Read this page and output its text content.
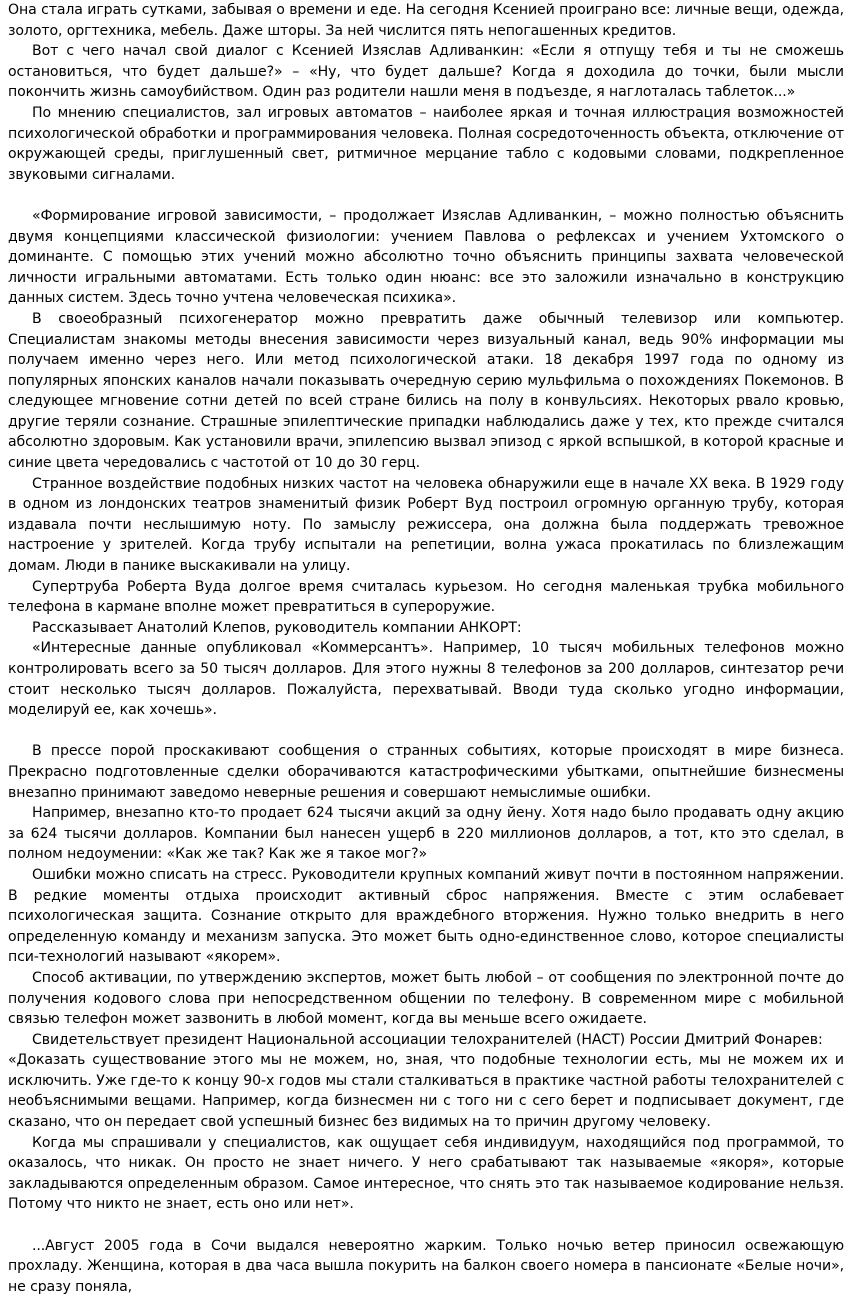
Она стала играть сутками, забывая о времени и еде. На сегодня Ксенией проиграно все: личные вещи, одежда, золото, оргтехника, мебель. Даже шторы. За ней числится пять непогашенных кредитов.

Вот с чего начал свой диалог с Ксенией Изяслав Адливанкин: «Если я отпущу тебя и ты не сможешь остановиться, что будет дальше?» – «Ну, что будет дальше? Когда я доходила до точки, были мысли покончить жизнь самоубийством. Один раз родители нашли меня в подъезде, я наглоталась таблеток...»

По мнению специалистов, зал игровых автоматов – наиболее яркая и точная иллюстрация возможностей психологической обработки и программирования человека. Полная сосредоточенность объекта, отключение от окружающей среды, приглушенный свет, ритмичное мерцание табло с кодовыми словами, подкрепленное звуковыми сигналами.

«Формирование игровой зависимости, – продолжает Изяслав Адливанкин, – можно полностью объяснить двумя концепциями классической физиологии: учением Павлова о рефлексах и учением Ухтомского о доминанте. С помощью этих учений можно абсолютно точно объяснить принципы захвата человеческой личности игральными автоматами. Есть только один нюанс: все это заложили изначально в конструкцию данных систем. Здесь точно учтена человеческая психика».

В своеобразный психогенератор можно превратить даже обычный телевизор или компьютер. Специалистам знакомы методы внесения зависимости через визуальный канал, ведь 90% информации мы получаем именно через него. Или метод психологической атаки. 18 декабря 1997 года по одному из популярных японских каналов начали показывать очередную серию мульфильма о похождениях Покемонов. В следующее мгновение сотни детей по всей стране бились на полу в конвульсиях. Некоторых рвало кровью, другие теряли сознание. Страшные эпилептические припадки наблюдались даже у тех, кто прежде считался абсолютно здоровым. Как установили врачи, эпилепсию вызвал эпизод с яркой вспышкой, в которой красные и синие цвета чередовались с частотой от 10 до 30 герц.

Странное воздействие подобных низких частот на человека обнаружили еще в начале XX века. В 1929 году в одном из лондонских театров знаменитый физик Роберт Вуд построил огромную органную трубу, которая издавала почти неслышимую ноту. По замыслу режиссера, она должна была поддержать тревожное настроение у зрителей. Когда трубу испытали на репетиции, волна ужаса прокатилась по близлежащим домам. Люди в панике выскакивали на улицу.

Супертруба Роберта Вуда долгое время считалась курьезом. Но сегодня маленькая трубка мобильного телефона в кармане вполне может превратиться в супероружие.

Рассказывает Анатолий Клепов, руководитель компании АНКОРТ:

«Интересные данные опубликовал «Коммерсантъ». Например, 10 тысяч мобильных телефонов можно контролировать всего за 50 тысяч долларов. Для этого нужны 8 телефонов за 200 долларов, синтезатор речи стоит несколько тысяч долларов. Пожалуйста, перехватывай. Вводи туда сколько угодно информации, моделируй ее, как хочешь».

В прессе порой проскакивают сообщения о странных событиях, которые происходят в мире бизнеса. Прекрасно подготовленные сделки оборачиваются катастрофическими убытками, опытнейшие бизнесмены внезапно принимают заведомо неверные решения и совершают немыслимые ошибки.

Например, внезапно кто-то продает 624 тысячи акций за одну йену. Хотя надо было продавать одну акцию за 624 тысячи долларов. Компании был нанесен ущерб в 220 миллионов долларов, а тот, кто это сделал, в полном недоумении: «Как же так? Как же я такое мог?»

Ошибки можно списать на стресс. Руководители крупных компаний живут почти в постоянном напряжении. В редкие моменты отдыха происходит активный сброс напряжения. Вместе с этим ослабевает психологическая защита. Сознание открыто для враждебного вторжения. Нужно только внедрить в него определенную команду и механизм запуска. Это может быть одно-единственное слово, которое специалисты пси-технологий называют «якорем».

Способ активации, по утверждению экспертов, может быть любой – от сообщения по электронной почте до получения кодового слова при непосредственном общении по телефону. В современном мире с мобильной связью телефон может зазвонить в любой момент, когда вы меньше всего ожидаете.

Свидетельствует президент Национальной ассоциации телохранителей (НАСТ) России Дмитрий Фонарев:

«Доказать существование этого мы не можем, но, зная, что подобные технологии есть, мы не можем их и исключить. Уже где-то к концу 90-х годов мы стали сталкиваться в практике частной работы телохранителей с необъяснимыми вещами. Например, когда бизнесмен ни с того ни с сего берет и подписывает документ, где сказано, что он передает свой успешный бизнес без видимых на то причин другому человеку.

Когда мы спрашивали у специалистов, как ощущает себя индивидуум, находящийся под программой, то оказалось, что никак. Он просто не знает ничего. У него срабатывают так называемые «якоря», которые закладываются определенным образом. Самое интересное, что снять это так называемое кодирование нельзя. Потому что никто не знает, есть оно или нет».

...Август 2005 года в Сочи выдался невероятно жарким. Только ночью ветер приносил освежающую прохладу. Женщина, которая в два часа вышла покурить на балкон своего номера в пансионате «Белые ночи», не сразу поняла,
